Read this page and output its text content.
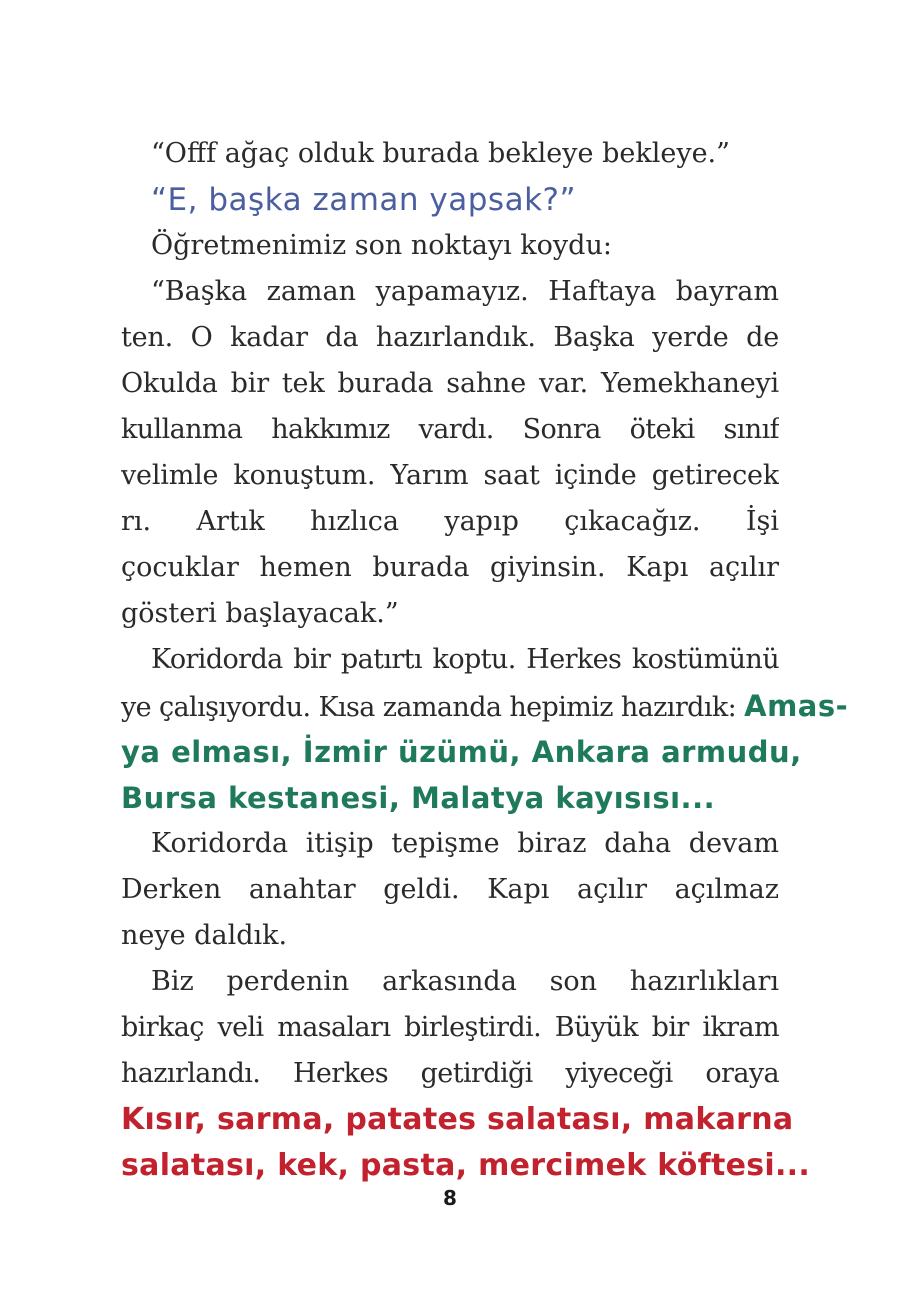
“Offf ağaç olduk burada bekleye bekleye.”
“E, başka zaman yapsak?”
Öğretmenimiz son noktayı koydu:
“Başka zaman yapamayız. Haftaya bayram
ten. O kadar da hazırlandık. Başka yerde de
Okulda bir tek burada sahne var. Yemekhaneyi
kullanma hakkımız vardı. Sonra öteki sınıf
velimle konuştum. Yarım saat içinde getirecek
rı. Artık hızlıca yapıp çıkacağız. İşi
çocuklar hemen burada giyinsin. Kapı açılır
gösteri başlayacak.”
Koridorda bir patırtı koptu. Herkes kostümünü
ye çalışıyordu. Kısa zamanda hepimiz hazırdık: Amas-
ya elması, İzmir üzümü, Ankara armudu,
Bursa kestanesi, Malatya kayısısı...
Koridorda itişip tepişme biraz daha devam
Derken anahtar geldi. Kapı açılır açılmaz
neye daldık.
Biz perdenin arkasında son hazırlıkları
birkaç veli masaları birleştirdi. Büyük bir ikram
hazırlandı. Herkes getirdiği yiyeceği oraya
Kısır, sarma, patates salatası, makarna
salatası, kek, pasta, mercimek köftesi...
8
